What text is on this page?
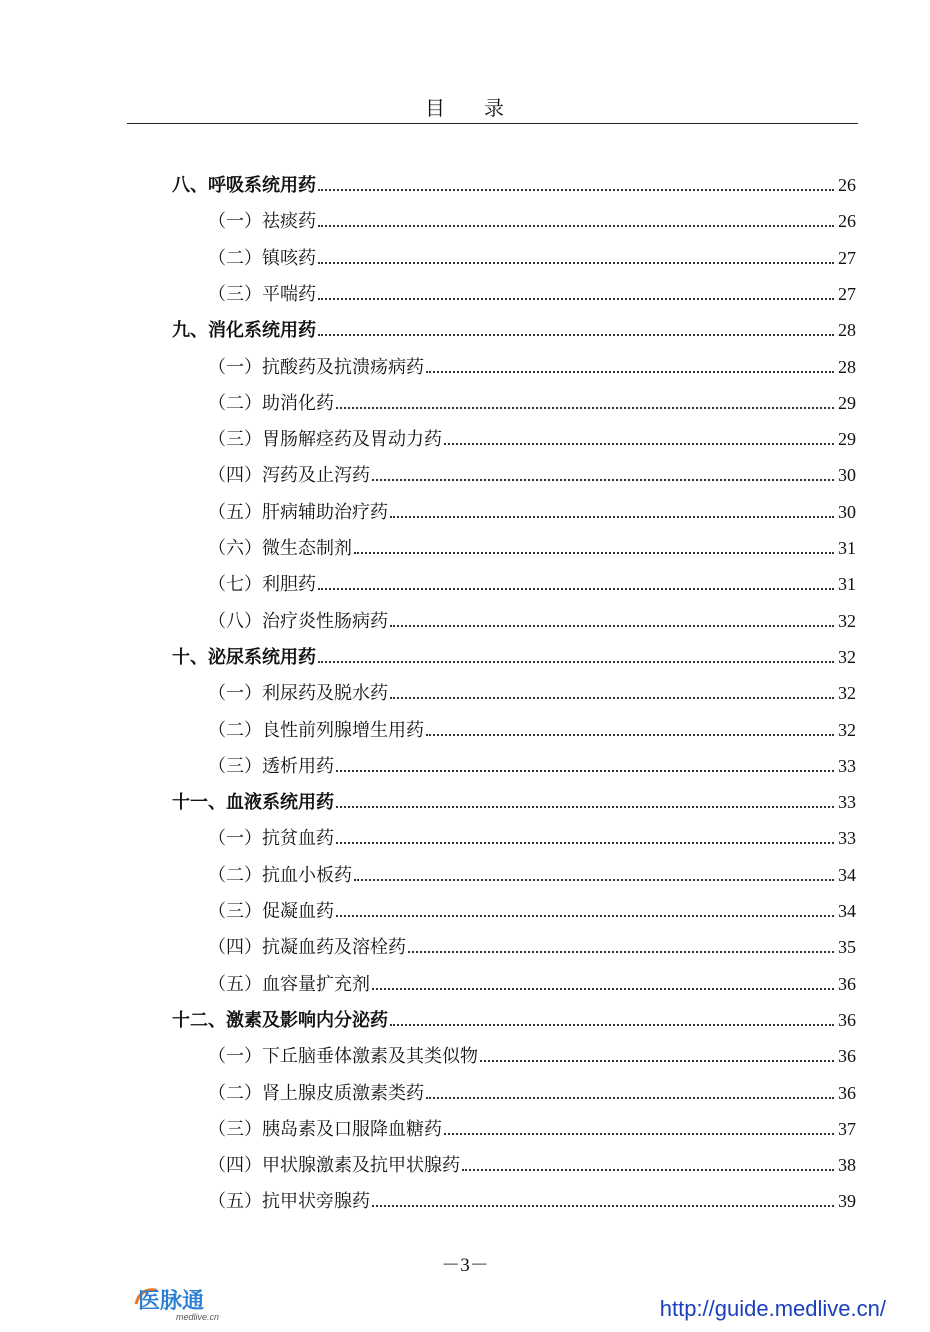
目 录
八、呼吸系统用药	26
（一）祛痰药	26
（二）镇咳药	27
（三）平喘药	27
九、消化系统用药	28
（一）抗酸药及抗溃疡病药	28
（二）助消化药	29
（三）胃肠解痉药及胃动力药	29
（四）泻药及止泻药	30
（五）肝病辅助治疗药	30
（六）微生态制剂	31
（七）利胆药	31
（八）治疗炎性肠病药	32
十、泌尿系统用药	32
（一）利尿药及脱水药	32
（二）良性前列腺增生用药	32
（三）透析用药	33
十一、血液系统用药	33
（一）抗贫血药	33
（二）抗血小板药	34
（三）促凝血药	34
（四）抗凝血药及溶栓药	35
（五）血容量扩充剂	36
十二、激素及影响内分泌药	36
（一）下丘脑垂体激素及其类似物	36
（二）肾上腺皮质激素类药	36
（三）胰岛素及口服降血糖药	37
（四）甲状腺激素及抗甲状腺药	38
（五）抗甲状旁腺药	39
－3－
医脉通
medlive.cn	http://guide.medlive.cn/
